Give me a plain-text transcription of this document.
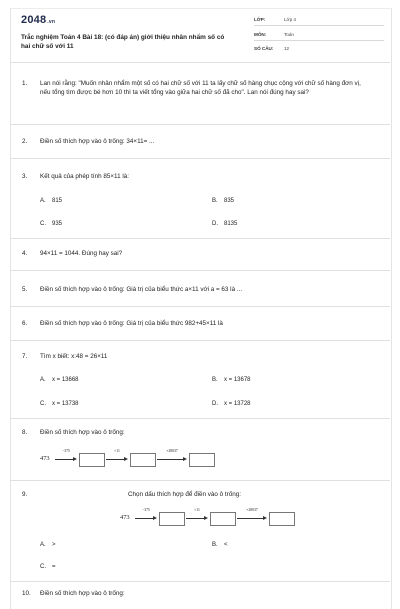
2048.vn
Trắc nghiệm Toán 4 Bài 18: (có đáp án) giới thiệu nhân nhẩm số có hai chữ số với 11
LỚP:	Lớp 4
MÔN:	Toán
SỐ CÂU:	12
1. Lan nói rằng: "Muốn nhân nhẩm một số có hai chữ số với 11 ta lấy chữ số hàng chục cộng với chữ số hàng đơn vị, nếu tổng tìm được bé hơn 10 thì ta viết tổng vào giữa hai chữ số đã cho". Lan nói đúng hay sai?
2. Điền số thích hợp vào ô trống: 34×11= ...
3. Kết quả của phép tính 85×11 là:
A. 815	B. 835
C. 935	D. 8135
4. 94×11 = 1044. Đúng hay sai?
5. Điền số thích hợp vào ô trống: Giá trị của biểu thức a×11 với a = 63 là ...
6. Điền số thích hợp vào ô trống: Giá trị của biểu thức 982+45×11 là
7. Tìm x biết: x:48 = 26×11
A. x = 13668	B. x = 13678
C. x = 13738	D. x = 13728
8. Điền số thích hợp vào ô trống:
473
−375	×11	+28037
9.	Chọn dấu thích hợp để điền vào ô trống:
473
−375	×11	+28037
A. >	B. <
C. =
10. Điền số thích hợp vào ô trống:
